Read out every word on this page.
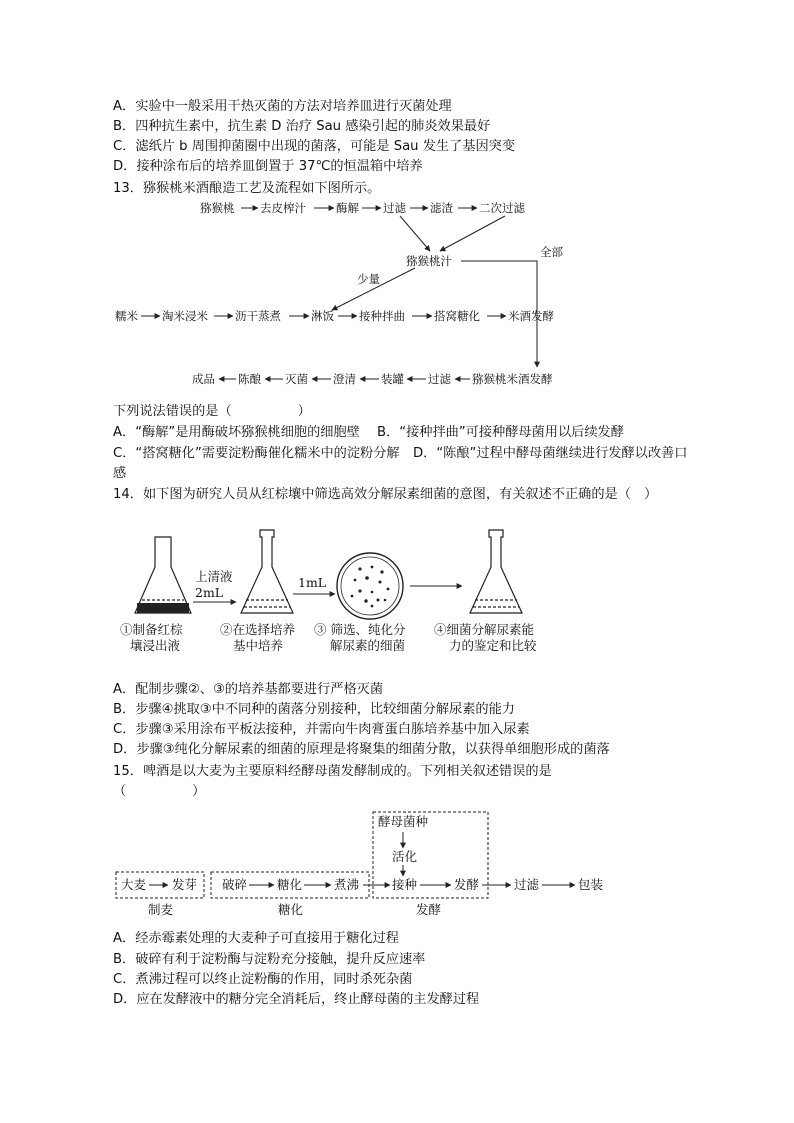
A．实验中一般采用干热灭菌的方法对培养皿进行灭菌处理
B．四种抗生素中，抗生素 D 治疗 Sau 感染引起的肺炎效果最好
C．滤纸片 b 周围抑菌圈中出现的菌落，可能是 Sau 发生了基因突变
D．接种涂布后的培养皿倒置于 37℃的恒温箱中培养
13．猕猴桃米酒酿造工艺及流程如下图所示。
猕猴桃 去皮榨汁	酶解 过滤 滤渣 二次过滤
猕猴桃汁
全部
少量
糯米 淘米浸米 沥干蒸煮	淋饭 接种拌曲	搭窝糖化 米酒发酵
成品 陈酿 灭菌 澄清 装罐 过滤 猕猴桃米酒发酵
下列说法错误的是（　　　　　）
A．“酶解”是用酶破坏猕猴桃细胞的细胞壁 B．“接种拌曲”可接种酵母菌用以后续发酵
C．“搭窝糖化”需要淀粉酶催化糯米中的淀粉分解 D．“陈酿”过程中酵母菌继续进行发酵以改善口
感
14．如下图为研究人员从红棕壤中筛选高效分解尿素细菌的意图，有关叙述不正确的是（　）
上清液
2mL
1mL
①制备红棕
壤浸出液
②在选择培养
基中培养
③ 筛选、纯化分
解尿素的细菌
④细菌分解尿素能
力的鉴定和比较
A．配制步骤②、③的培养基都要进行严格灭菌
B．步骤④挑取③中不同种的菌落分别接种，比较细菌分解尿素的能力
C．步骤③采用涂布平板法接种，并需向牛肉膏蛋白胨培养基中加入尿素
D．步骤③纯化分解尿素的细菌的原理是将聚集的细菌分散，以获得单细胞形成的菌落
15．啤酒是以大麦为主要原料经酵母菌发酵制成的。下列相关叙述错误的是
（　　　　　）
酵母菌种
活化
大麦 发芽 破碎 糖化	煮沸	接种	发酵	过滤	包装
制麦	糖化	发酵
A．经赤霉素处理的大麦种子可直接用于糖化过程
B．破碎有利于淀粉酶与淀粉充分接触，提升反应速率
C．煮沸过程可以终止淀粉酶的作用，同时杀死杂菌
D．应在发酵液中的糖分完全消耗后，终止酵母菌的主发酵过程
